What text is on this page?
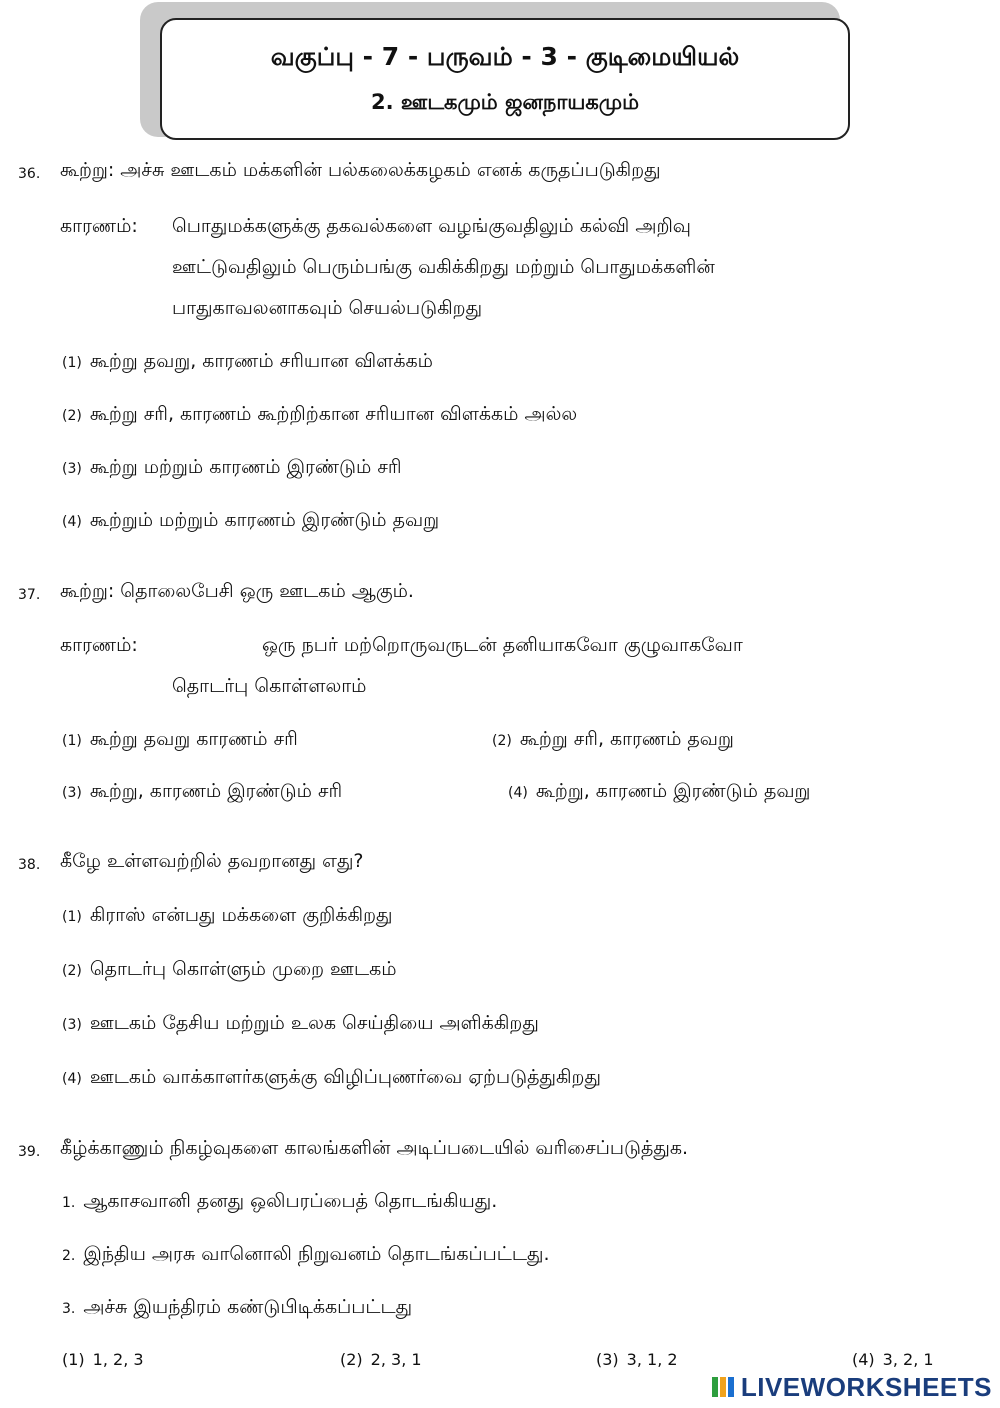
வகுப்பு - 7 - பருவம் - 3 - குடிமையியல்
2. ஊடகமும் ஜனநாயகமும்
36. கூற்று: அச்சு ஊடகம் மக்களின் பல்கலைக்கழகம் எனக் கருதப்படுகிறது
காரணம்: பொதுமக்களுக்கு தகவல்களை வழங்குவதிலும் கல்வி அறிவு
ஊட்டுவதிலும் பெரும்பங்கு வகிக்கிறது மற்றும் பொதுமக்களின்
பாதுகாவலனாகவும் செயல்படுகிறது
(1) கூற்று தவறு, காரணம் சரியான விளக்கம்
(2) கூற்று சரி, காரணம் கூற்றிற்கான சரியான விளக்கம் அல்ல
(3) கூற்று மற்றும் காரணம் இரண்டும் சரி
(4) கூற்றும் மற்றும் காரணம் இரண்டும் தவறு
37. கூற்று: தொலைபேசி ஒரு ஊடகம் ஆகும்.
காரணம்:	ஒரு நபர் மற்றொருவருடன் தனியாகவோ குழுவாகவோ
தொடர்பு கொள்ளலாம்
(1) கூற்று தவறு காரணம் சரி	(2) கூற்று சரி, காரணம் தவறு
(3) கூற்று, காரணம் இரண்டும் சரி	(4) கூற்று, காரணம் இரண்டும் தவறு
38. கீழே உள்ளவற்றில் தவறானது எது?
(1) கிராஸ் என்பது மக்களை குறிக்கிறது
(2) தொடர்பு கொள்ளும் முறை ஊடகம்
(3) ஊடகம் தேசிய மற்றும் உலக செய்தியை அளிக்கிறது
(4) ஊடகம் வாக்காளர்களுக்கு விழிப்புணர்வை ஏற்படுத்துகிறது
39. கீழ்க்காணும் நிகழ்வுகளை காலங்களின் அடிப்படையில் வரிசைப்படுத்துக.
1. ஆகாசவானி தனது ஒலிபரப்பைத் தொடங்கியது.
2. இந்திய அரசு வானொலி நிறுவனம் தொடங்கப்பட்டது.
3. அச்சு இயந்திரம் கண்டுபிடிக்கப்பட்டது
(1) 1, 2, 3	(2) 2, 3, 1	(3) 3, 1, 2	(4) 3, 2, 1
LIVEWORKSHEETS
